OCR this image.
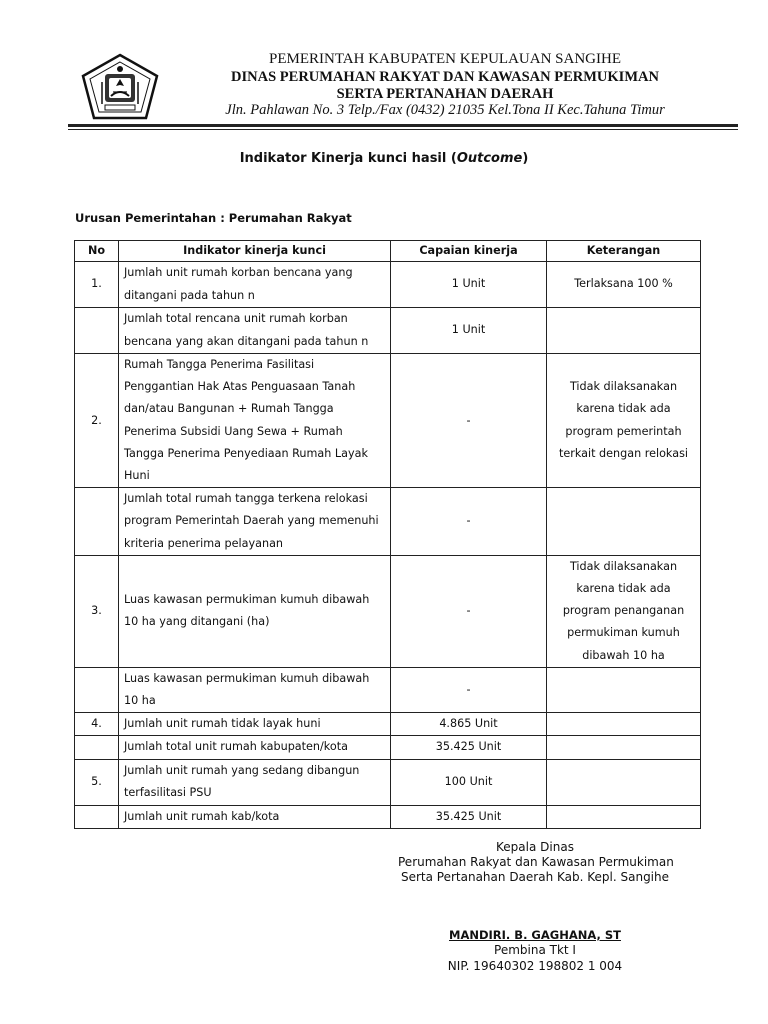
PEMERINTAH KABUPATEN KEPULAUAN SANGIHE
DINAS PERUMAHAN RAKYAT DAN KAWASAN PERMUKIMAN
SERTA PERTANAHAN DAERAH
Jln. Pahlawan No. 3 Telp./Fax (0432) 21035 Kel.Tona II Kec.Tahuna Timur
Indikator Kinerja kunci hasil (Outcome)
Urusan Pemerintahan : Perumahan Rakyat
No	Indikator kinerja kunci	Capaian kinerja	Keterangan
1.	Jumlah unit rumah korban bencana yang ditangani pada tahun n	1 Unit	Terlaksana 100 %
	Jumlah total rencana unit rumah korban bencana yang akan ditangani pada tahun n	1 Unit	
2.	Rumah Tangga Penerima Fasilitasi Penggantian Hak Atas Penguasaan Tanah dan/atau Bangunan + Rumah Tangga Penerima Subsidi Uang Sewa + Rumah Tangga Penerima Penyediaan Rumah Layak Huni	-	Tidak dilaksanakan karena tidak ada program pemerintah terkait dengan relokasi
	Jumlah total rumah tangga terkena relokasi program Pemerintah Daerah yang memenuhi kriteria penerima pelayanan	-	
3.	Luas kawasan permukiman kumuh dibawah 10 ha yang ditangani (ha)	-	Tidak dilaksanakan karena tidak ada program penanganan permukiman kumuh dibawah 10 ha
	Luas kawasan permukiman kumuh dibawah 10 ha	-	
4.	Jumlah unit rumah tidak layak huni	4.865 Unit	
	Jumlah total unit rumah kabupaten/kota	35.425 Unit	
5.	Jumlah unit rumah yang sedang dibangun terfasilitasi PSU	100 Unit	
	Jumlah unit rumah kab/kota	35.425 Unit	
Kepala Dinas
Perumahan Rakyat dan Kawasan Permukiman
Serta Pertanahan Daerah Kab. Kepl. Sangihe
MANDIRI. B. GAGHANA, ST
Pembina Tkt I
NIP. 19640302 198802 1 004
